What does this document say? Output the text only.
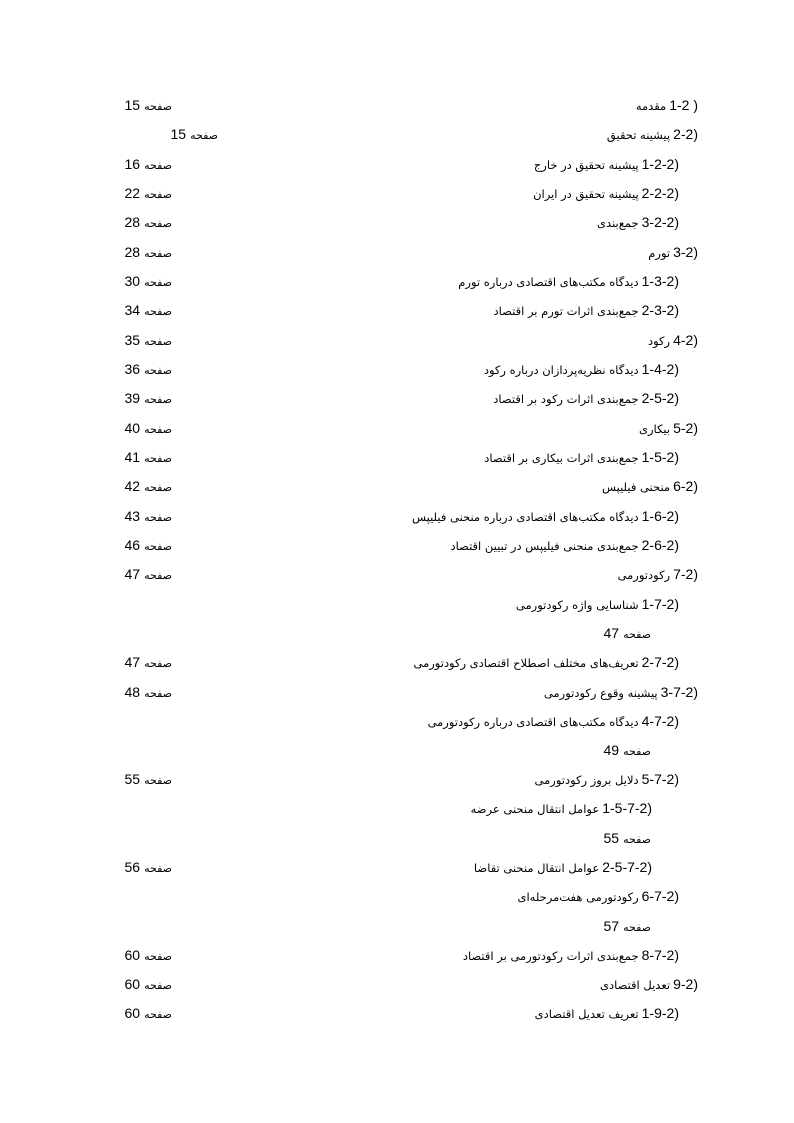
1-2 )
مقدمه
صفحه
15
2-2)
پیشینه تحقیق
صفحه
15
1-2-2)
پیشینه تحقیق در خارج
صفحه
16
2-2-2)
پیشینه تحقیق در ایران
صفحه
22
3-2-2)
جمع‌بندی
صفحه
28
3-2)
تورم
صفحه
28
1-3-2)
دیدگاه مکتب‌های اقتصادی درباره تورم
صفحه
30
2-3-2)
جمع‌بندی اثرات تورم بر اقتصاد
صفحه
34
4-2)
رکود
صفحه
35
1-4-2)
دیدگاه نظریه‌پردازان درباره رکود
صفحه
36
2-5-2)
جمع‌بندی اثرات رکود بر اقتصاد
صفحه
39
5-2)
بیکاری
صفحه
40
1-5-2)
جمع‌بندی اثرات بیکاری بر اقتصاد
صفحه
41
6-2)
منحنی فیلیپس
صفحه
42
1-6-2)
دیدگاه مکتب‌های اقتصادی درباره منحنی فیلیپس
صفحه
43
2-6-2)
جمع‌بندی منحنی فیلیپس در تبیین اقتصاد
صفحه
46
7-2)
رکودتورمی
صفحه
47
1-7-2)
شناسایی واژه رکودتورمی
صفحه
47
2-7-2)
تعریف‌های مختلف اصطلاح اقتصادی رکودتورمی
صفحه
47
3-7-2)
پیشینه وقوع رکودتورمی
صفحه
48
4-7-2)
دیدگاه مکتب‌های اقتصادی درباره رکودتورمی
صفحه
49
5-7-2)
دلایل بروز رکودتورمی
صفحه
55
1-5-7-2)
عوامل انتقال منحنی عرضه
صفحه
55
2-5-7-2)
عوامل انتقال منحنی تقاضا
صفحه
56
6-7-2)
رکودتورمی هفت‌مرحله‌ای
صفحه
57
8-7-2)
جمع‌بندی اثرات رکودتورمی بر اقتصاد
صفحه
60
9-2)
تعدیل اقتصادی
صفحه
60
1-9-2)
تعریف تعدیل اقتصادی
صفحه
60
